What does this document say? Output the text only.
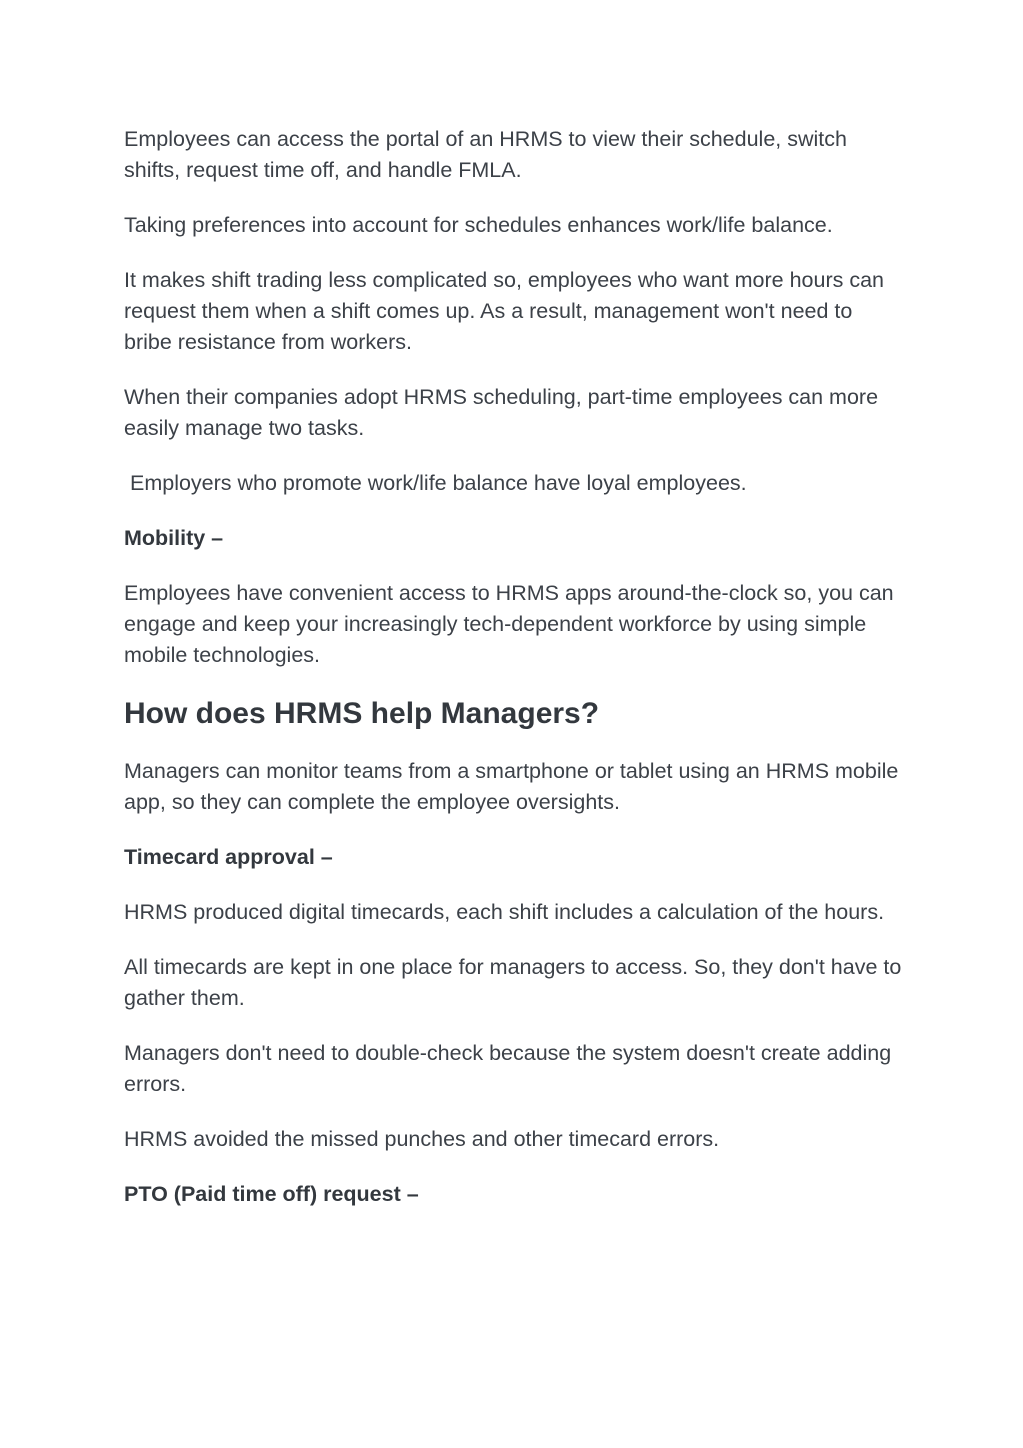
Employees can access the portal of an HRMS to view their schedule, switch shifts, request time off, and handle FMLA.

Taking preferences into account for schedules enhances work/life balance.

It makes shift trading less complicated so, employees who want more hours can request them when a shift comes up. As a result, management won't need to bribe resistance from workers.

When their companies adopt HRMS scheduling, part-time employees can more easily manage two tasks.

Employers who promote work/life balance have loyal employees.

Mobility –

Employees have convenient access to HRMS apps around-the-clock so, you can engage and keep your increasingly tech-dependent workforce by using simple mobile technologies.

How does HRMS help Managers?

Managers can monitor teams from a smartphone or tablet using an HRMS mobile app, so they can complete the employee oversights.

Timecard approval –

HRMS produced digital timecards, each shift includes a calculation of the hours.

All timecards are kept in one place for managers to access. So, they don't have to gather them.

Managers don't need to double-check because the system doesn't create adding errors.

HRMS avoided the missed punches and other timecard errors.

PTO (Paid time off) request –
